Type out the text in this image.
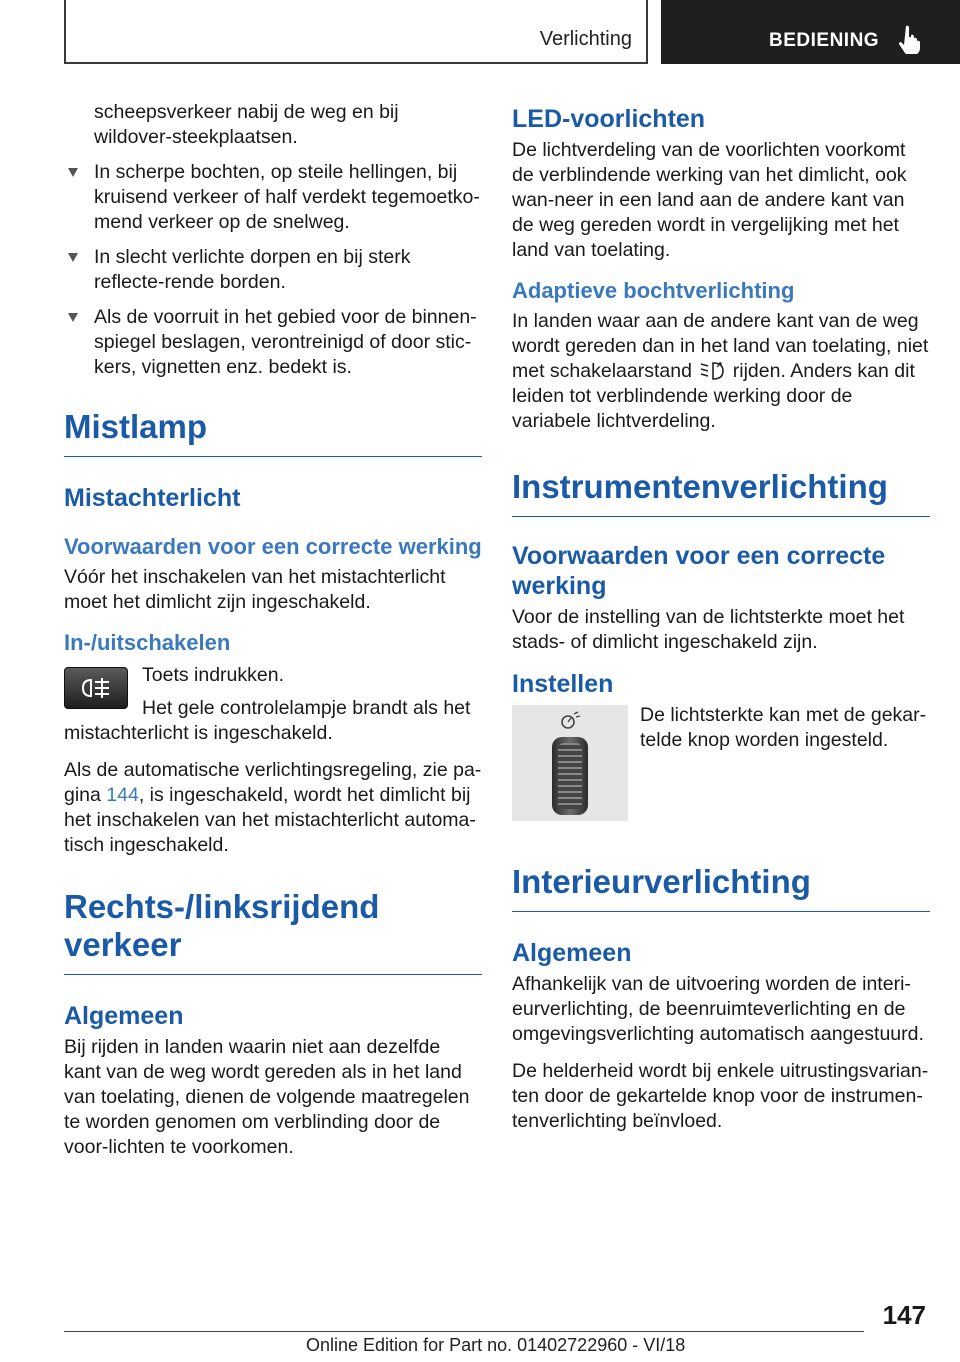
Verlichting	BEDIENING

scheepsverkeer nabij de weg en bij wildover-steekplaatsen.

In scherpe bochten, op steile hellingen, bij kruisend verkeer of half verdekt tegemoetko-mend verkeer op de snelweg.
In slecht verlichte dorpen en bij sterk reflecte-rende borden.
Als de voorruit in het gebied voor de binnen-spiegel beslagen, verontreinigd of door stic-kers, vignetten enz. bedekt is.
Mistlamp
Mistachterlicht
Voorwaarden voor een correcte werking

Vóór het inschakelen van het mistachterlicht moet het dimlicht zijn ingeschakeld.

In-/uitschakelen

Toets indrukken.

Het gele controlelampje brandt als het mistachterlicht is ingeschakeld.

Als de automatische verlichtingsregeling, zie pa-gina 144, is ingeschakeld, wordt het dimlicht bij het inschakelen van het mistachterlicht automa-tisch ingeschakeld.

Rechts-/linksrijdend verkeer
Algemeen

Bij rijden in landen waarin niet aan dezelfde kant van de weg wordt gereden als in het land van toelating, dienen de volgende maatregelen te worden genomen om verblinding door de voor-lichten te voorkomen.

LED-voorlichten

De lichtverdeling van de voorlichten voorkomt de verblindende werking van het dimlicht, ook wan-neer in een land aan de andere kant van de weg gereden wordt in vergelijking met het land van toelating.

Adaptieve bochtverlichting

In landen waar aan de andere kant van de weg wordt gereden dan in het land van toelating, niet met schakelaarstand  rijden. Anders kan dit leiden tot verblindende werking door de variabele lichtverdeling.

Instrumentenverlichting
Voorwaarden voor een correcte werking

Voor de instelling van de lichtsterkte moet het stads- of dimlicht ingeschakeld zijn.

Instellen

De lichtsterkte kan met de gekar-telde knop worden ingesteld.

Interieurverlichting
Algemeen

Afhankelijk van de uitvoering worden de interi-eurverlichting, de beenruimteverlichting en de omgevingsverlichting automatisch aangestuurd.

De helderheid wordt bij enkele uitrustingsvarian-ten door de gekartelde knop voor de instrumen-tenverlichting beïnvloed.

147
Online Edition for Part no. 01402722960 - VI/18
